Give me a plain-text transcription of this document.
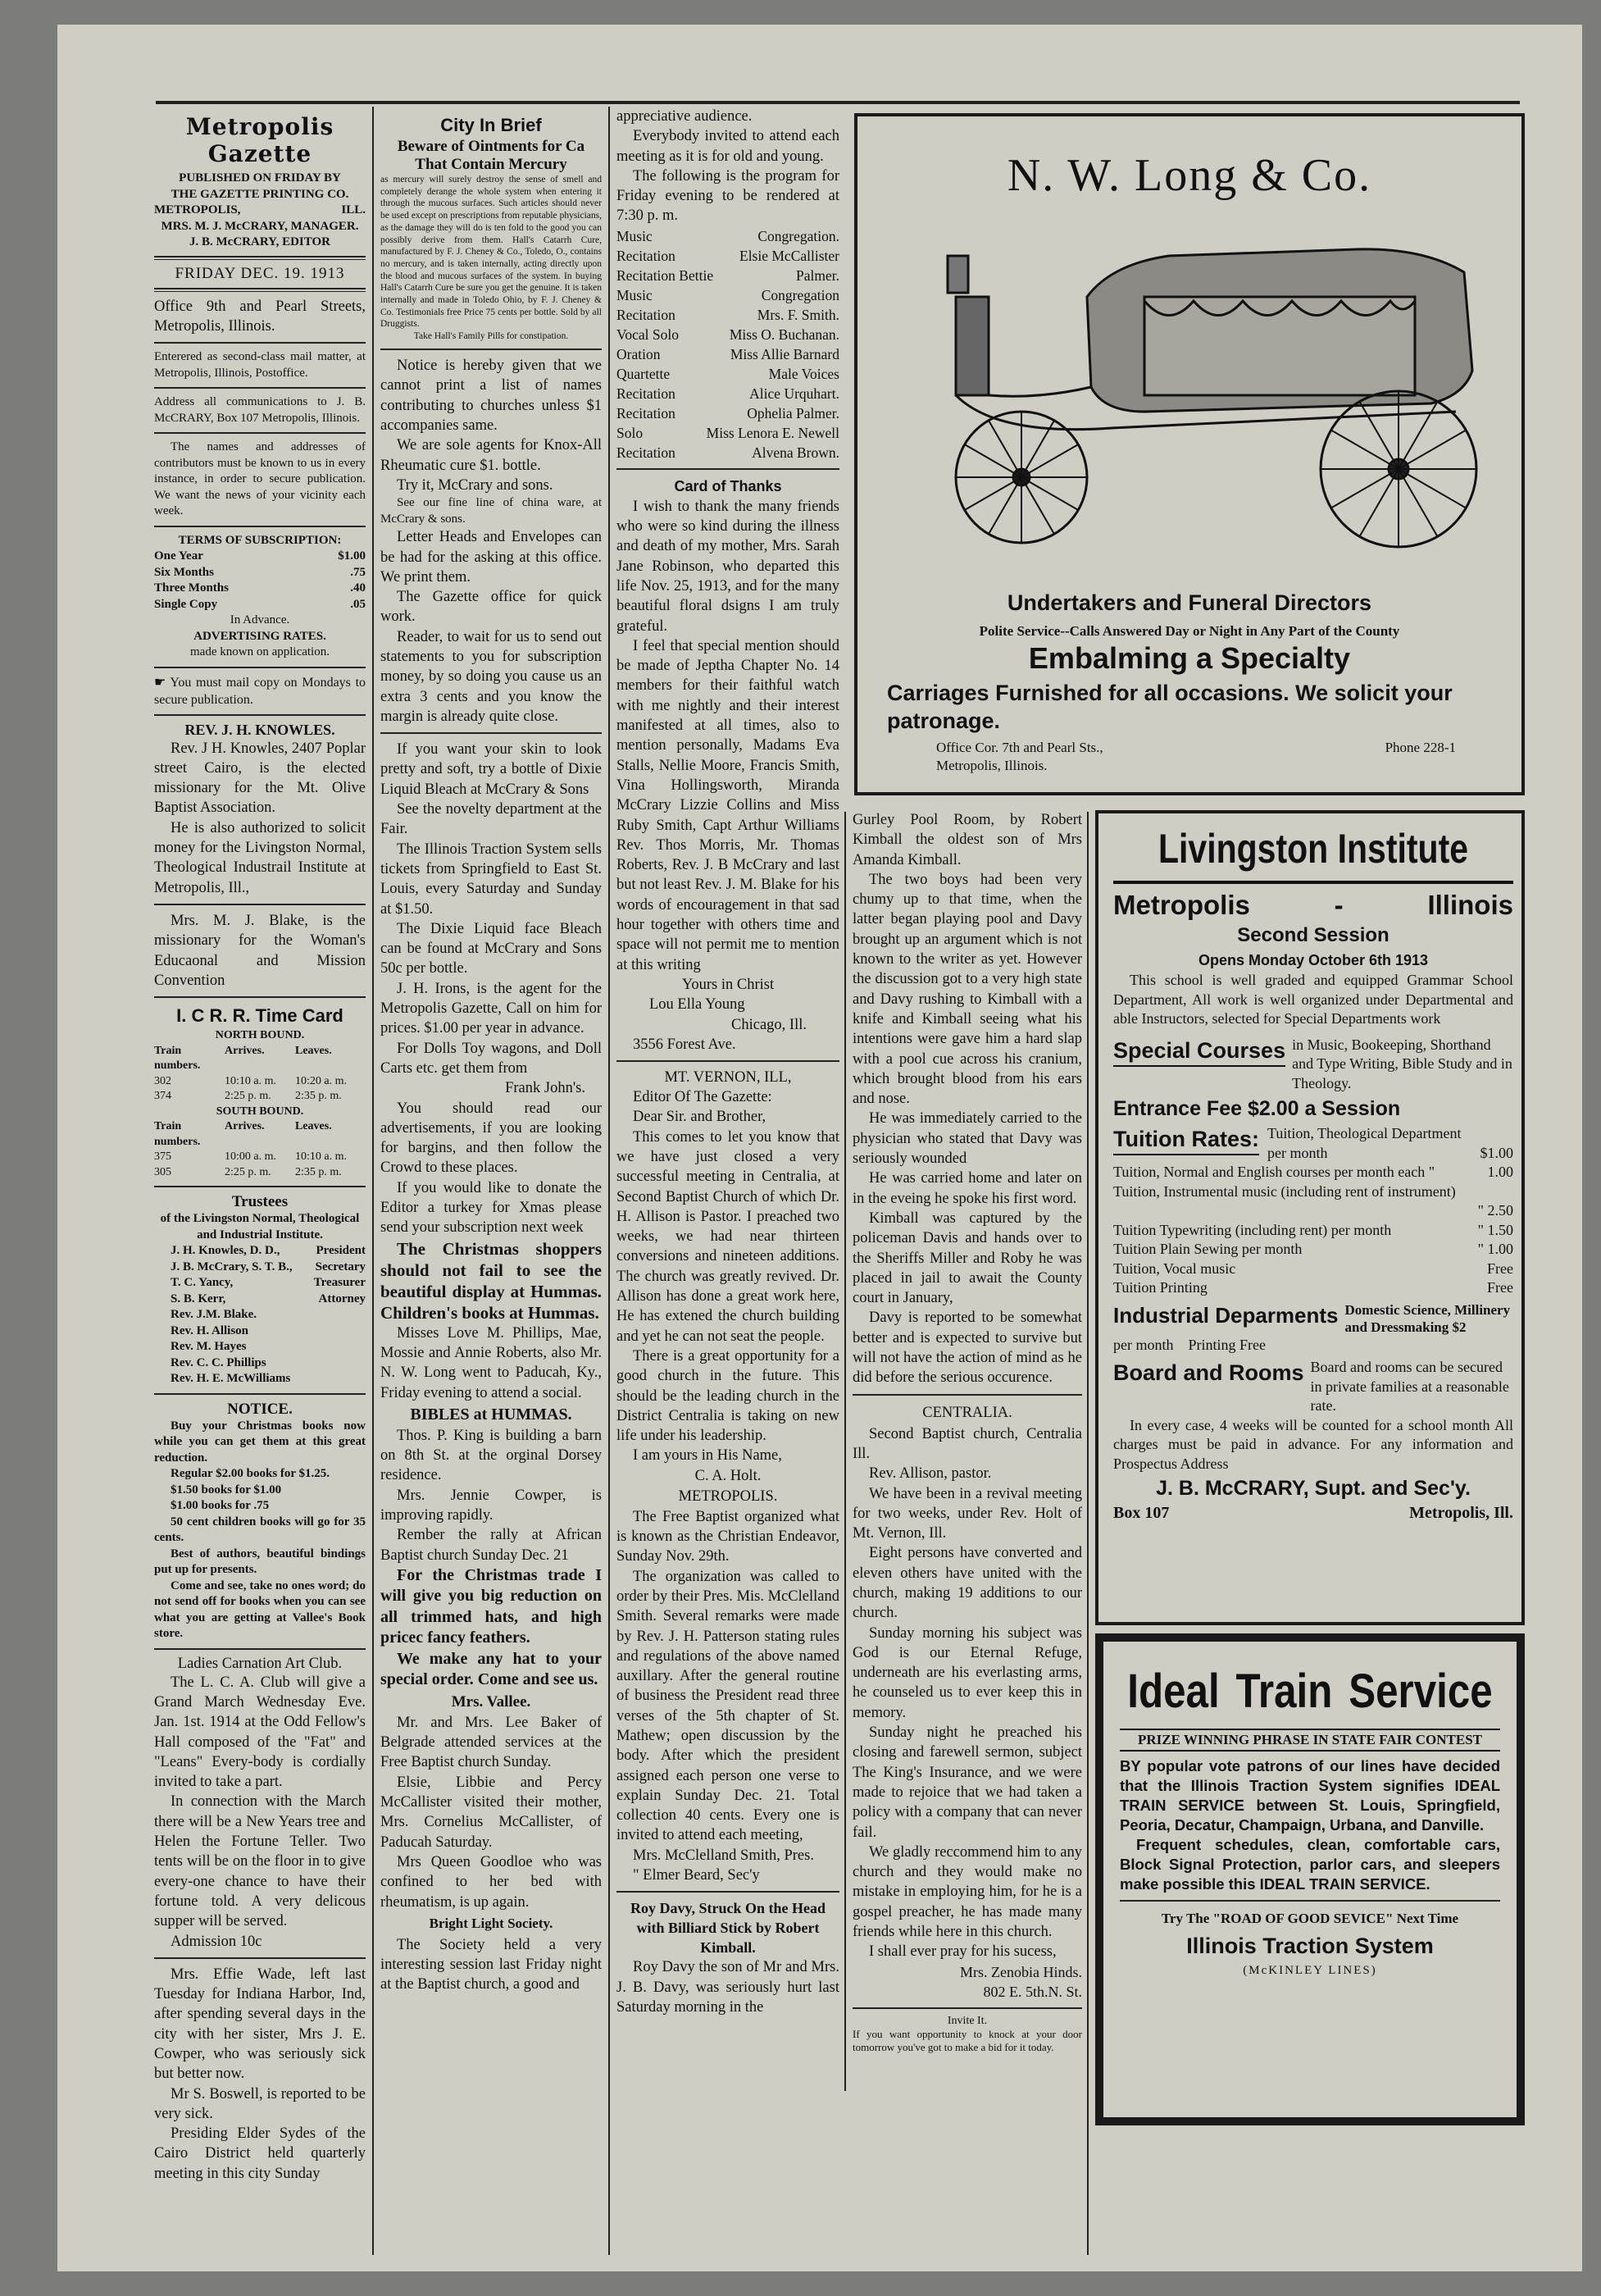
Metropolis Gazette
PUBLISHED ON FRIDAY BY
THE GAZETTE PRINTING CO.
METROPOLIS,	ILL.
MRS. M. J. McCRARY, MANAGER.
J. B. McCRARY, EDITOR
FRIDAY DEC. 19. 1913

Office 9th and Pearl Streets, Metropolis, Illinois.

Enterered as second-class mail matter, at Metropolis, Illinois, Postoffice.

Address all communications to J. B. McCRARY, Box 107 Metropolis, Illinois.

The names and addresses of contributors must be known to us in every instance, in order to secure publication. We want the news of your vicinity each week.

TERMS OF SUBSCRIPTION:
One Year	$1.00
Six Months	.75
Three Months	.40
Single Copy	.05
In Advance.
ADVERTISING RATES.
made known on application.

☛ You must mail copy on Mondays to secure publication.

REV. J. H. KNOWLES.

Rev. J H. Knowles, 2407 Poplar street Cairo, is the elected missionary for the Mt. Olive Baptist Association.

He is also authorized to solicit money for the Livingston Normal, Theological Industrail Institute at Metropolis, Ill.,

Mrs. M. J. Blake, is the missionary for the Woman's Educaonal and Mission Convention

I. C R. R. Time Card
NORTH BOUND.
Train numbers.
Arrives.	Leaves.
302	10:10 a. m.	10:20 a. m.
374	2:25 p. m.	2:35 p. m.
SOUTH BOUND.
Train numbers.
Arrives.	Leaves.
375	10:00 a. m.	10:10 a. m.
305	2:25 p. m.	2:35 p. m.
Trustees

of the Livingston Normal, Theological and Industrial Institute.

J. H. Knowles, D. D.,	President
J. B. McCrary, S. T. B., Secretary
T. C. Yancy,	Treasurer
S. B. Kerr,	Attorney
Rev. J.M. Blake.
Rev. H. Allison
Rev. M. Hayes
Rev. C. C. Phillips
Rev. H. E. McWilliams
NOTICE.

Buy your Christmas books now while you can get them at this great reduction.

Regular $2.00 books for $1.25.

$1.50 books for $1.00

$1.00 books for .75

50 cent children books will go for 35 cents.

Best of authors, beautiful bindings put up for presents.

Come and see, take no ones word; do not send off for books when you can see what you are getting at Vallee's Book store.

Ladies Carnation Art Club.

The L. C. A. Club will give a Grand March Wednesday Eve. Jan. 1st. 1914 at the Odd Fellow's Hall composed of the "Fat" and "Leans" Every-body is cordially invited to take a part.

In connection with the March there will be a New Years tree and Helen the Fortune Teller. Two tents will be on the floor in to give every-one chance to have their fortune told. A very delicous supper will be served.

Admission 10c

Mrs. Effie Wade, left last Tuesday for Indiana Harbor, Ind, after spending several days in the city with her sister, Mrs J. E. Cowper, who was seriously sick but better now.

Mr S. Boswell, is reported to be very sick.

Presiding Elder Sydes of the Cairo District held quarterly meeting in this city Sunday

City In Brief
Beware of Ointments for Ca
That Contain Mercury

as mercury will surely destroy the sense of smell and completely derange the whole system when entering it through the mucous surfaces. Such articles should never be used except on prescriptions from reputable physicians, as the damage they will do is ten fold to the good you can possibly derive from them. Hall's Catarrh Cure, manufactured by F. J. Cheney & Co., Toledo, O., contains no mercury, and is taken internally, acting directly upon the blood and mucous surfaces of the system. In buying Hall's Catarrh Cure be sure you get the genuine. It is taken internally and made in Toledo Ohio, by F. J. Cheney & Co. Testimonials free Price 75 cents per bottle. Sold by all Druggists.

Take Hall's Family Pills for constipation.

Notice is hereby given that we cannot print a list of names contributing to churches unless $1 accompanies same.

We are sole agents for Knox-All Rheumatic cure $1. bottle.

Try it, McCrary and sons.

See our fine line of china ware, at McCrary & sons.

Letter Heads and Envelopes can be had for the asking at this office. We print them.

The Gazette office for quick work.

Reader, to wait for us to send out statements to you for subscription money, by so doing you cause us an extra 3 cents and you know the margin is already quite close.

If you want your skin to look pretty and soft, try a bottle of Dixie Liquid Bleach at McCrary & Sons

See the novelty department at the Fair.

The Illinois Traction System sells tickets from Springfield to East St. Louis, every Saturday and Sunday at $1.50.

The Dixie Liquid face Bleach can be found at McCrary and Sons 50c per bottle.

J. H. Irons, is the agent for the Metropolis Gazette, Call on him for prices. $1.00 per year in advance.

For Dolls Toy wagons, and Doll Carts etc. get them from

Frank John's.

You should read our advertisements, if you are looking for bargins, and then follow the Crowd to these places.

If you would like to donate the Editor a turkey for Xmas please send your subscription next week

The Christmas shoppers should not fail to see the beautiful display at Hummas. Children's books at Hummas.

Misses Love M. Phillips, Mae, Mossie and Annie Roberts, also Mr. N. W. Long went to Paducah, Ky., Friday evening to attend a social.

BIBLES at HUMMAS.

Thos. P. King is building a barn on 8th St. at the orginal Dorsey residence.

Mrs. Jennie Cowper, is improving rapidly.

Rember the rally at African Baptist church Sunday Dec. 21

For the Christmas trade I will give you big reduction on all trimmed hats, and high pricec fancy feathers.

We make any hat to your special order. Come and see us.

Mrs. Vallee.

Mr. and Mrs. Lee Baker of Belgrade attended services at the Free Baptist church Sunday.

Elsie, Libbie and Percy McCallister visited their mother, Mrs. Cornelius McCallister, of Paducah Saturday.

Mrs Queen Goodloe who was confined to her bed with rheumatism, is up again.

Bright Light Society.

The Society held a very interesting session last Friday night at the Baptist church, a good and

appreciative audience.

Everybody invited to attend each meeting as it is for old and young.

The following is the program for Friday evening to be rendered at 7:30 p. m.

Music	Congregation.
Recitation	Elsie McCallister
Recitation Bettie	Palmer.
Music	Congregation
Recitation	Mrs. F. Smith.
Vocal Solo	Miss O. Buchanan.
Oration	Miss Allie Barnard
Quartette	Male Voices
Recitation	Alice Urquhart.
Recitation	Ophelia Palmer.
Solo	Miss Lenora E. Newell
Recitation	Alvena Brown.
Card of Thanks

I wish to thank the many friends who were so kind during the illness and death of my mother, Mrs. Sarah Jane Robinson, who departed this life Nov. 25, 1913, and for the many beautiful floral dsigns I am truly grateful.

I feel that special mention should be made of Jeptha Chapter No. 14 members for their faithful watch with me nightly and their interest manifested at all times, also to mention personally, Madams Eva Stalls, Nellie Moore, Francis Smith, Vina Hollingsworth, Miranda McCrary Lizzie Collins and Miss Ruby Smith, Capt Arthur Williams Rev. Thos Morris, Mr. Thomas Roberts, Rev. J. B McCrary and last but not least Rev. J. M. Blake for his words of encouragement in that sad hour together with others time and space will not permit me to mention at this writing

Yours in Christ
Lou Ella Young
Chicago, Ill.
3556 Forest Ave.
MT. VERNON, ILL,

Editor Of The Gazette:

Dear Sir. and Brother,

This comes to let you know that we have just closed a very successful meeting in Centralia, at Second Baptist Church of which Dr. H. Allison is Pastor. I preached two weeks, we had near thirteen conversions and nineteen additions. The church was greatly revived. Dr. Allison has done a great work here, He has extened the church building and yet he can not seat the people.

There is a great opportunity for a good church in the future. This should be the leading church in the District Centralia is taking on new life under his leadership.

I am yours in His Name,

C. A. Holt.
METROPOLIS.

The Free Baptist organized what is known as the Christian Endeavor, Sunday Nov. 29th.

The organization was called to order by their Pres. Mis. McClelland Smith. Several remarks were made by Rev. J. H. Patterson stating rules and regulations of the above named auxillary. After the general routine of business the President read three verses of the 5th chapter of St. Mathew; open discussion by the body. After which the president assigned each person one verse to explain Sunday Dec. 21. Total collection 40 cents. Every one is invited to attend each meeting,

Mrs. McClelland Smith, Pres.

" Elmer Beard, Sec'y

Roy Davy, Struck On the Head with Billiard Stick by Robert Kimball.

Roy Davy the son of Mr and Mrs. J. B. Davy, was seriously hurt last Saturday morning in the

N. W. Long & Co.
Undertakers and Funeral Directors
Polite Service--Calls Answered Day or Night in Any Part of the County
Embalming a Specialty
Carriages Furnished for all occasions. We solicit your patronage.
Office Cor. 7th and Pearl Sts.,
Metropolis, Illinois.
Phone 228-1

Gurley Pool Room, by Robert Kimball the oldest son of Mrs Amanda Kimball.

The two boys had been very chumy up to that time, when the latter began playing pool and Davy brought up an argument which is not known to the writer as yet. However the discussion got to a very high state and Davy rushing to Kimball with a knife and Kimball seeing what his intentions were gave him a hard slap with a pool cue across his cranium, which brought blood from his ears and nose.

He was immediately carried to the physician who stated that Davy was seriously wounded

He was carried home and later on in the eveing he spoke his first word.

Kimball was captured by the policeman Davis and hands over to the Sheriffs Miller and Roby he was placed in jail to await the County court in January,

Davy is reported to be somewhat better and is expected to survive but will not have the action of mind as he did before the serious occurence.

CENTRALIA.

Second Baptist church, Centralia Ill.

Rev. Allison, pastor.

We have been in a revival meeting for two weeks, under Rev. Holt of Mt. Vernon, Ill.

Eight persons have converted and eleven others have united with the church, making 19 additions to our church.

Sunday morning his subject was God is our Eternal Refuge, underneath are his everlasting arms, he counseled us to ever keep this in memory.

Sunday night he preached his closing and farewell sermon, subject The King's Insurance, and we were made to rejoice that we had taken a policy with a company that can never fail.

We gladly reccommend him to any church and they would make no mistake in employing him, for he is a gospel preacher, he has made many friends while here in this church.

I shall ever pray for his sucess,

Mrs. Zenobia Hinds.
802 E. 5th.N. St.
Invite It.

If you want opportunity to knock at your door tomorrow you've got to make a bid for it today.

Livingston Institute
Metropolis	-	Illinois
Second Session
Opens Monday October 6th 1913

This school is well graded and equipped Grammar School Department, All work is well organized under Departmental and able Instructors, selected for Special Departments work

Special Courses in Music, Bookeeping, Shorthand and Type Writing, Bible Study and in Theology.
Entrance Fee $2.00 a Session
Tuition Rates: Tuition, Theological Department per month	$1.00
Tuition, Normal and English courses per month each "	1.00
Tuition, Instrumental music (including rent of instrument)
" 2.50
Tuition Typewriting (including rent) per month	" 1.50
Tuition Plain Sewing per month	" 1.00
Tuition, Vocal music	Free
Tuition Printing	Free
Industrial Deparments Domestic Science, Millinery and Dressmaking $2
per month    Printing Free
Board and Rooms Board and rooms can be secured in private families at a reasonable rate.

In every case, 4 weeks will be counted for a school month All charges must be paid in advance. For any information and Prospectus Address

J. B. McCRARY, Supt. and Sec'y.
Box 107	Metropolis, Ill.
Ideal Train Service
PRIZE WINNING PHRASE IN STATE FAIR CONTEST

BY popular vote patrons of our lines have decided that the Illinois Traction System signifies IDEAL TRAIN SERVICE between St. Louis, Springfield, Peoria, Decatur, Champaign, Urbana, and Danville.

Frequent schedules, clean, comfortable cars, Block Signal Protection, parlor cars, and sleepers make possible this IDEAL TRAIN SERVICE.

Try The "ROAD OF GOOD SEVICE" Next Time
Illinois Traction System
(McKINLEY LINES)
